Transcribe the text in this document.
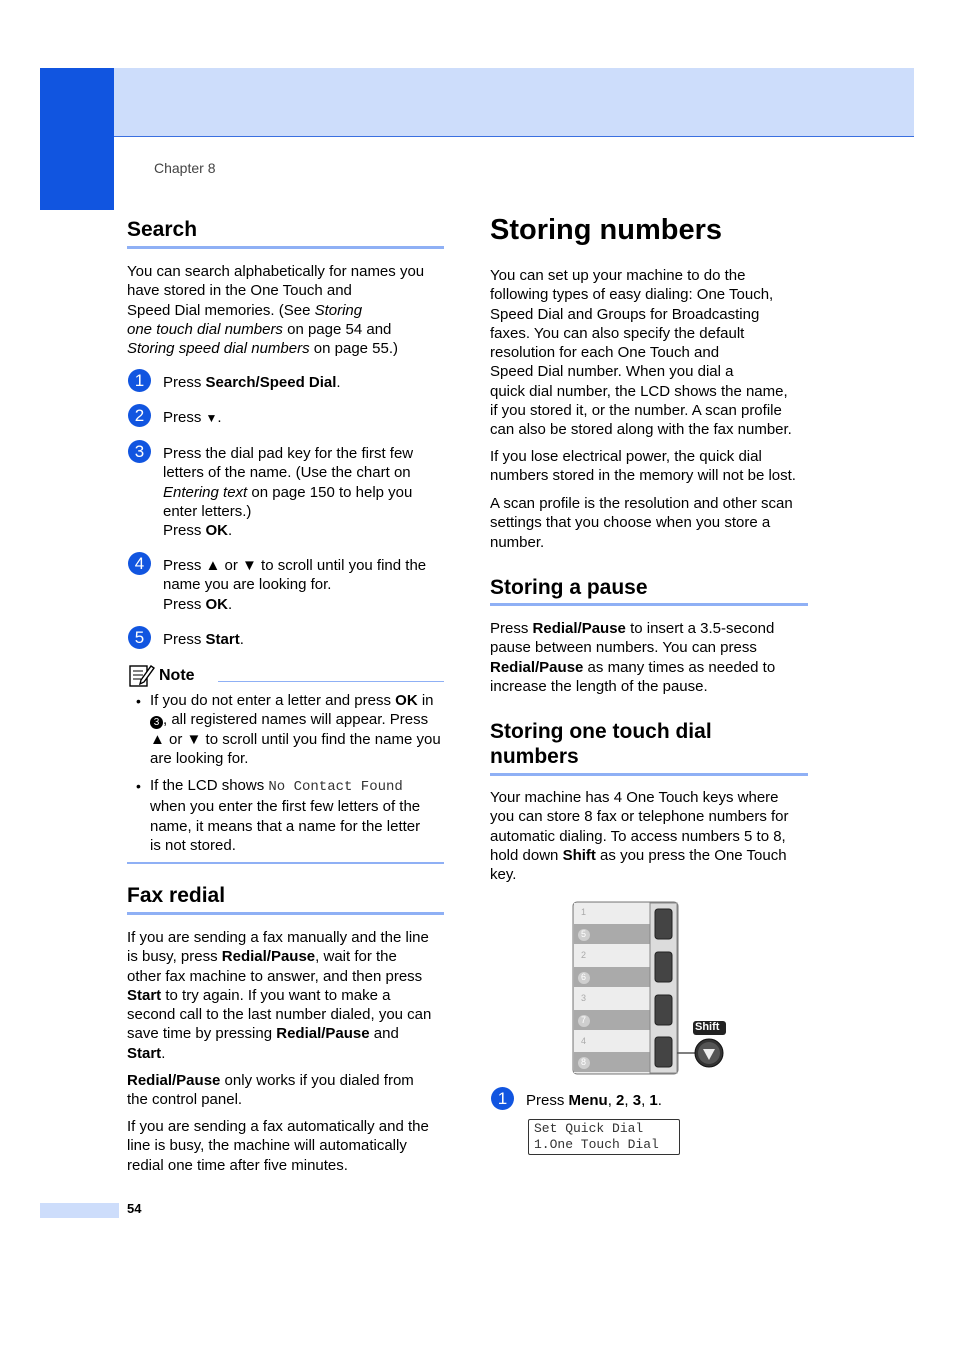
Chapter 8
Search
You can search alphabetically for names you
have stored in the One Touch and
Speed Dial memories. (See Storing
one touch dial numbers on page 54 and
Storing speed dial numbers on page 55.)
1	Press Search/Speed Dial.
2	Press ▼.
3	Press the dial pad key for the first few
letters of the name. (Use the chart on
Entering text on page 150 to help you
enter letters.)
Press OK.
4	Press ▲ or ▼ to scroll until you find the
name you are looking for.
Press OK.
5	Press Start.
Note
• If you do not enter a letter and press OK in
3 , all registered names will appear. Press
▲ or ▼ to scroll until you find the name you
are looking for.
• If the LCD shows No Contact Found
when you enter the first few letters of the
name, it means that a name for the letter
is not stored.
Fax redial
If you are sending a fax manually and the line
is busy, press Redial/Pause, wait for the
other fax machine to answer, and then press
Start to try again. If you want to make a
second call to the last number dialed, you can
save time by pressing Redial/Pause and
Start.
Redial/Pause only works if you dialed from
the control panel.
If you are sending a fax automatically and the
line is busy, the machine will automatically
redial one time after five minutes.
Storing numbers
You can set up your machine to do the
following types of easy dialing: One Touch,
Speed Dial and Groups for Broadcasting
faxes. You can also specify the default
resolution for each One Touch and
Speed Dial number. When you dial a
quick dial number, the LCD shows the name,
if you stored it, or the number. A scan profile
can also be stored along with the fax number.
If you lose electrical power, the quick dial
numbers stored in the memory will not be lost.
A scan profile is the resolution and other scan
settings that you choose when you store a
number.
Storing a pause
Press Redial/Pause to insert a 3.5-second
pause between numbers. You can press
Redial/Pause as many times as needed to
increase the length of the pause.
Storing one touch dial
numbers
Your machine has 4 One Touch keys where
you can store 8 fax or telephone numbers for
automatic dialing. To access numbers 5 to 8,
hold down Shift as you press the One Touch
key.
1
5
2
6
3
7
4
8
Shift
1	Press Menu, 2, 3, 1.
Set Quick Dial
1.One Touch Dial
54
